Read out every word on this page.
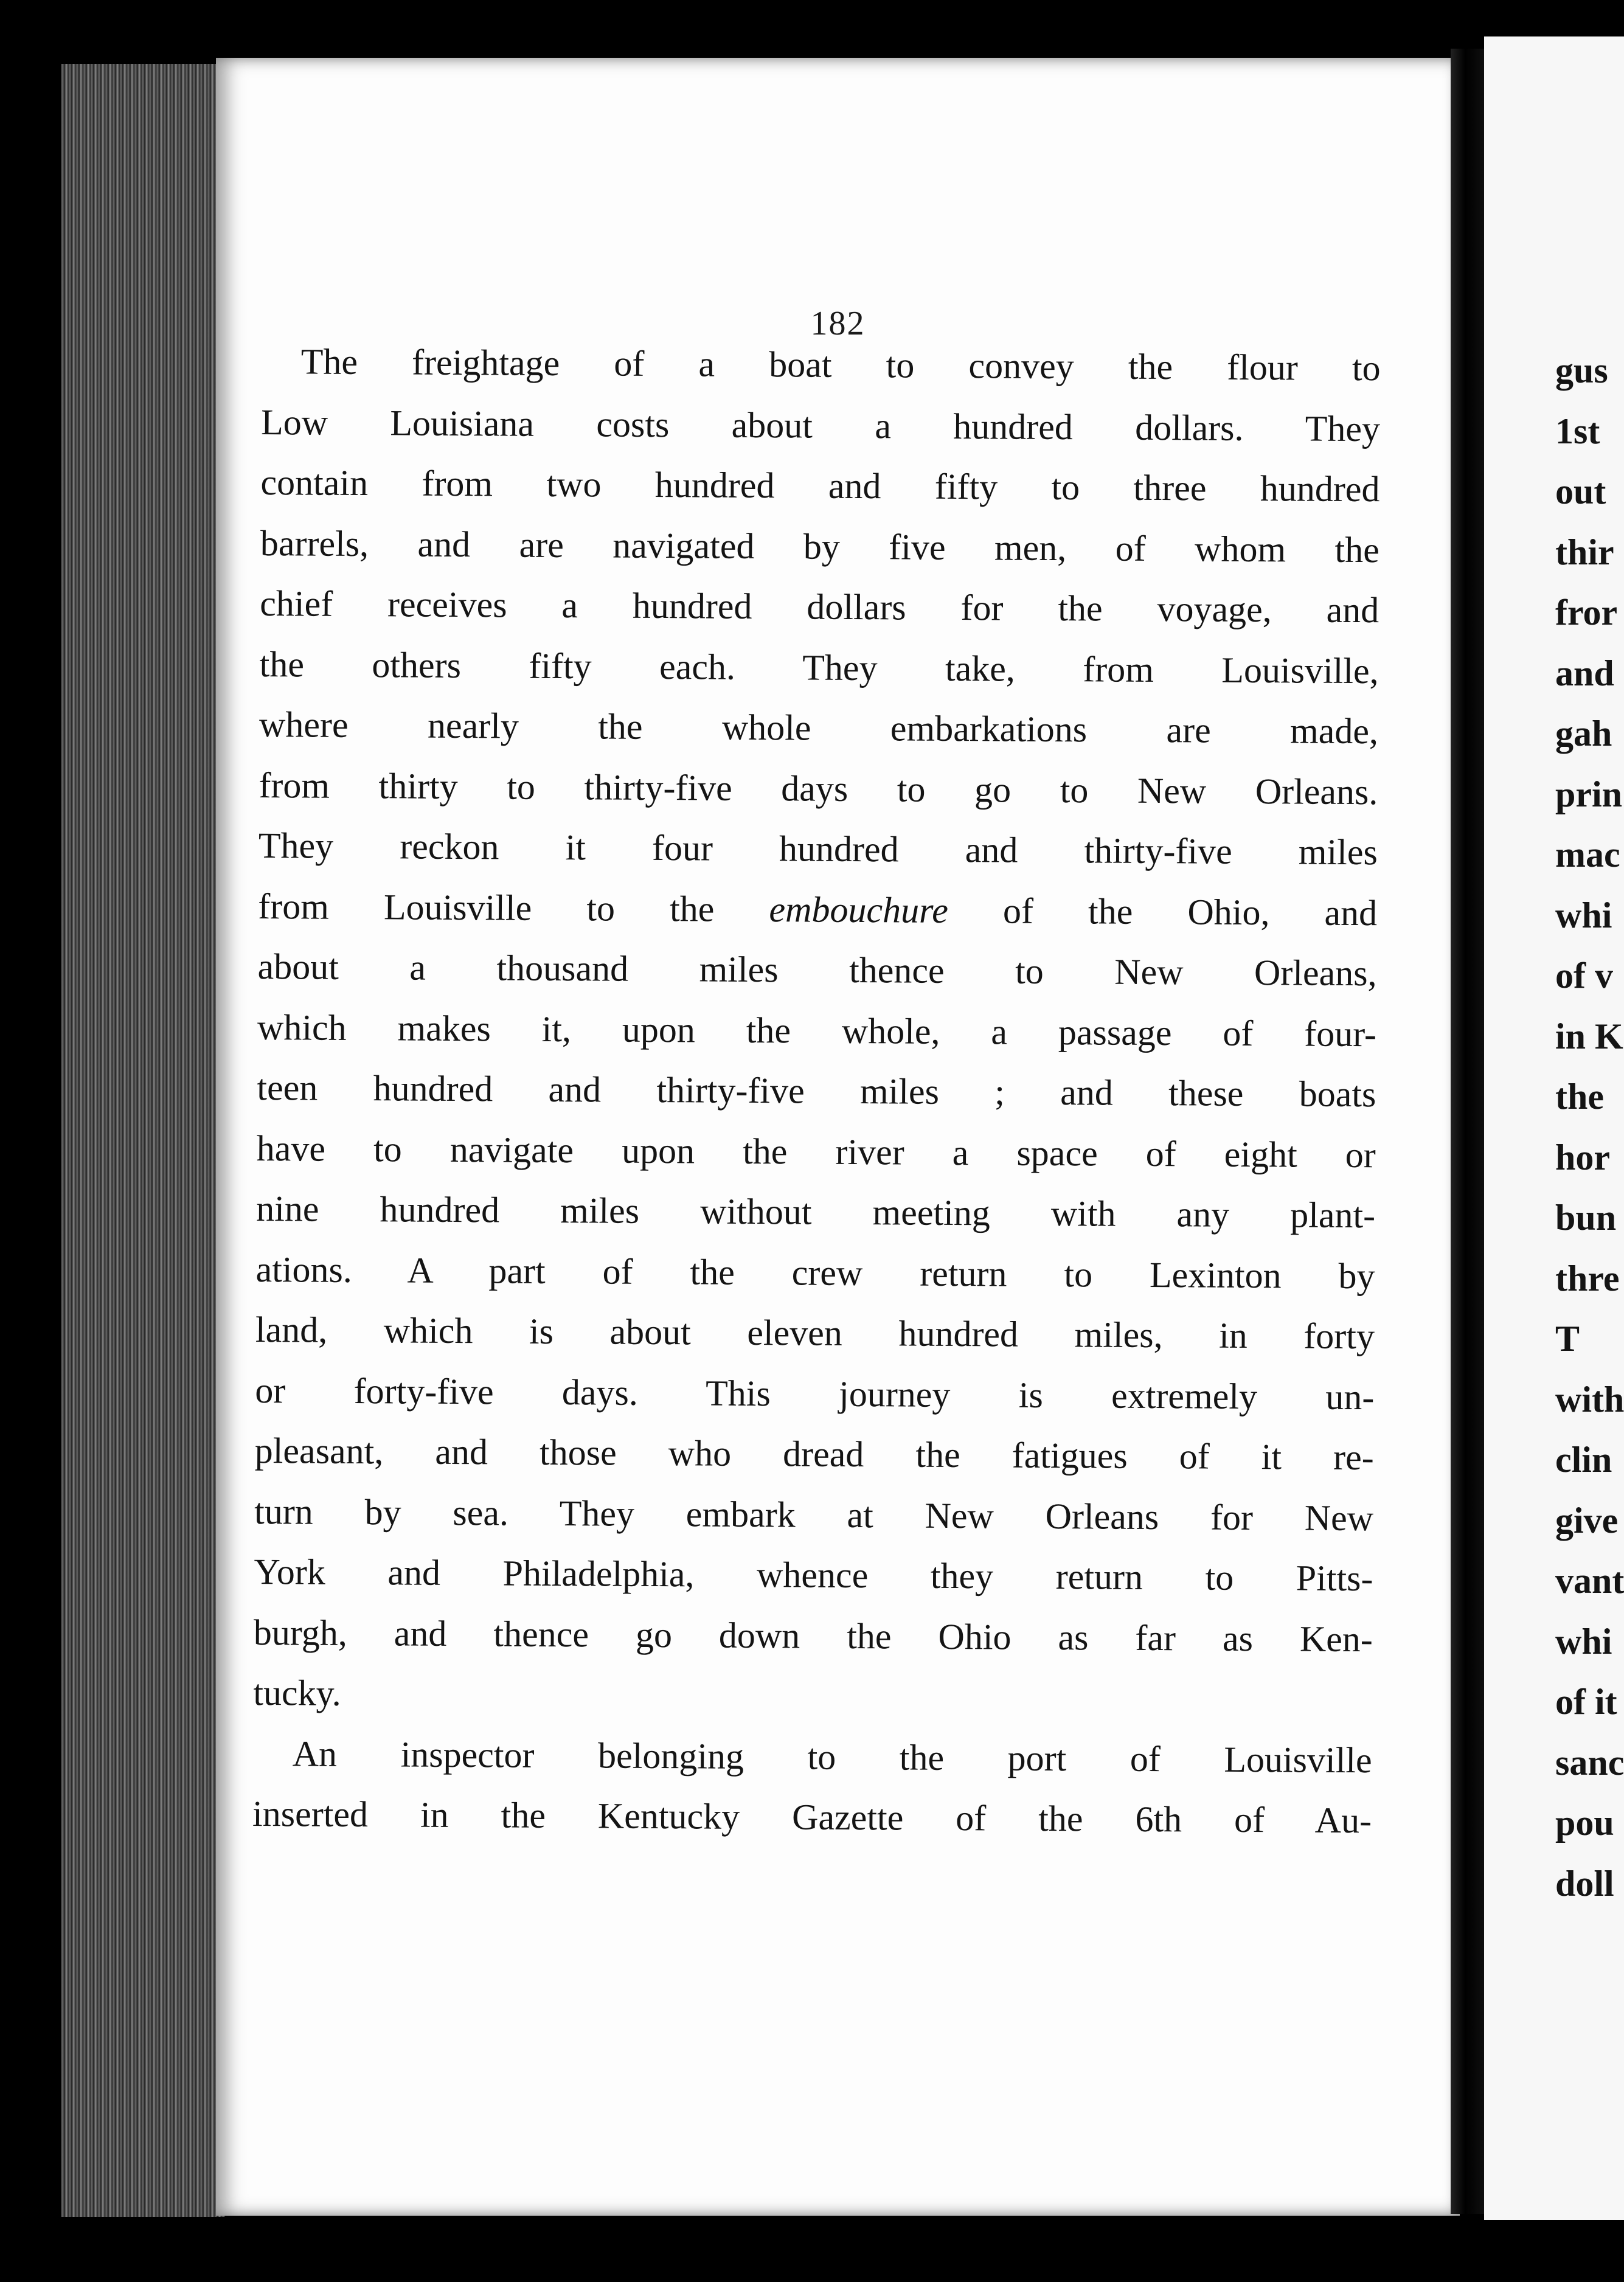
182
The freightage of a boat to convey the flour to
Low Louisiana costs about a hundred dollars. They
contain from two hundred and fifty to three hundred
barrels, and are navigated by five men, of whom the
chief receives a hundred dollars for the voyage, and
the others fifty each. They take, from Louisville,
where nearly the whole embarkations are made,
from thirty to thirty-five days to go to New Orleans.
They reckon it four hundred and thirty-five miles
from Louisville to the embouchure of the Ohio, and
about a thousand miles thence to New Orleans,
which makes it, upon the whole, a passage of four-
teen hundred and thirty-five miles ; and these boats
have to navigate upon the river a space of eight or
nine hundred miles without meeting with any plant-
ations. A part of the crew return to Lexinton by
land, which is about eleven hundred miles, in forty
or forty-five days. This journey is extremely un-
pleasant, and those who dread the fatigues of it re-
turn by sea. They embark at New Orleans for New
York and Philadelphia, whence they return to Pitts-
burgh, and thence go down the Ohio as far as Ken-
tucky.
An inspector belonging to the port of Louisville
inserted in the Kentucky Gazette of the 6th of Au-
gus
1st
out
thir
fror
and
gah
prin
mac
whi
of v
in K
the
hor
bun
thre
T
with
clin
give
vant
whi
of it
sanc
pou
doll
